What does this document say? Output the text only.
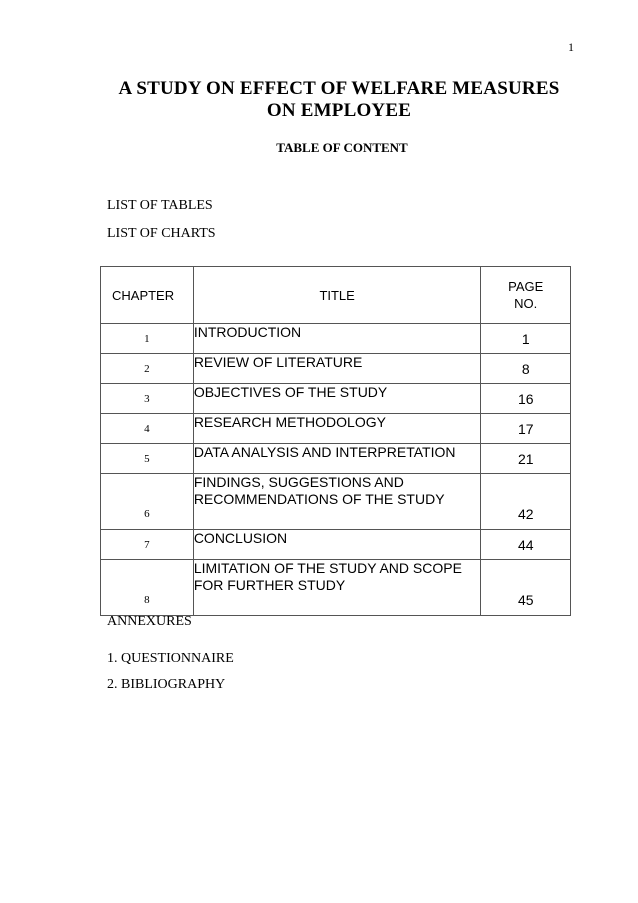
1
A STUDY ON EFFECT OF WELFARE MEASURES
ON EMPLOYEE
TABLE OF CONTENT
LIST OF TABLES
LIST OF CHARTS
CHAPTER	TITLE	PAGE
NO.

1	INTRODUCTION	1
2	REVIEW OF LITERATURE	8
3	OBJECTIVES OF THE STUDY	16
4	RESEARCH METHODOLOGY	17
5	DATA ANALYSIS AND INTERPRETATION	21
6	FINDINGS, SUGGESTIONS AND
RECOMMENDATIONS OF THE STUDY	42
7	CONCLUSION	44
8	LIMITATION OF THE STUDY AND SCOPE
FOR FURTHER STUDY	45
ANNEXURES
1. QUESTIONNAIRE
2. BIBLIOGRAPHY
